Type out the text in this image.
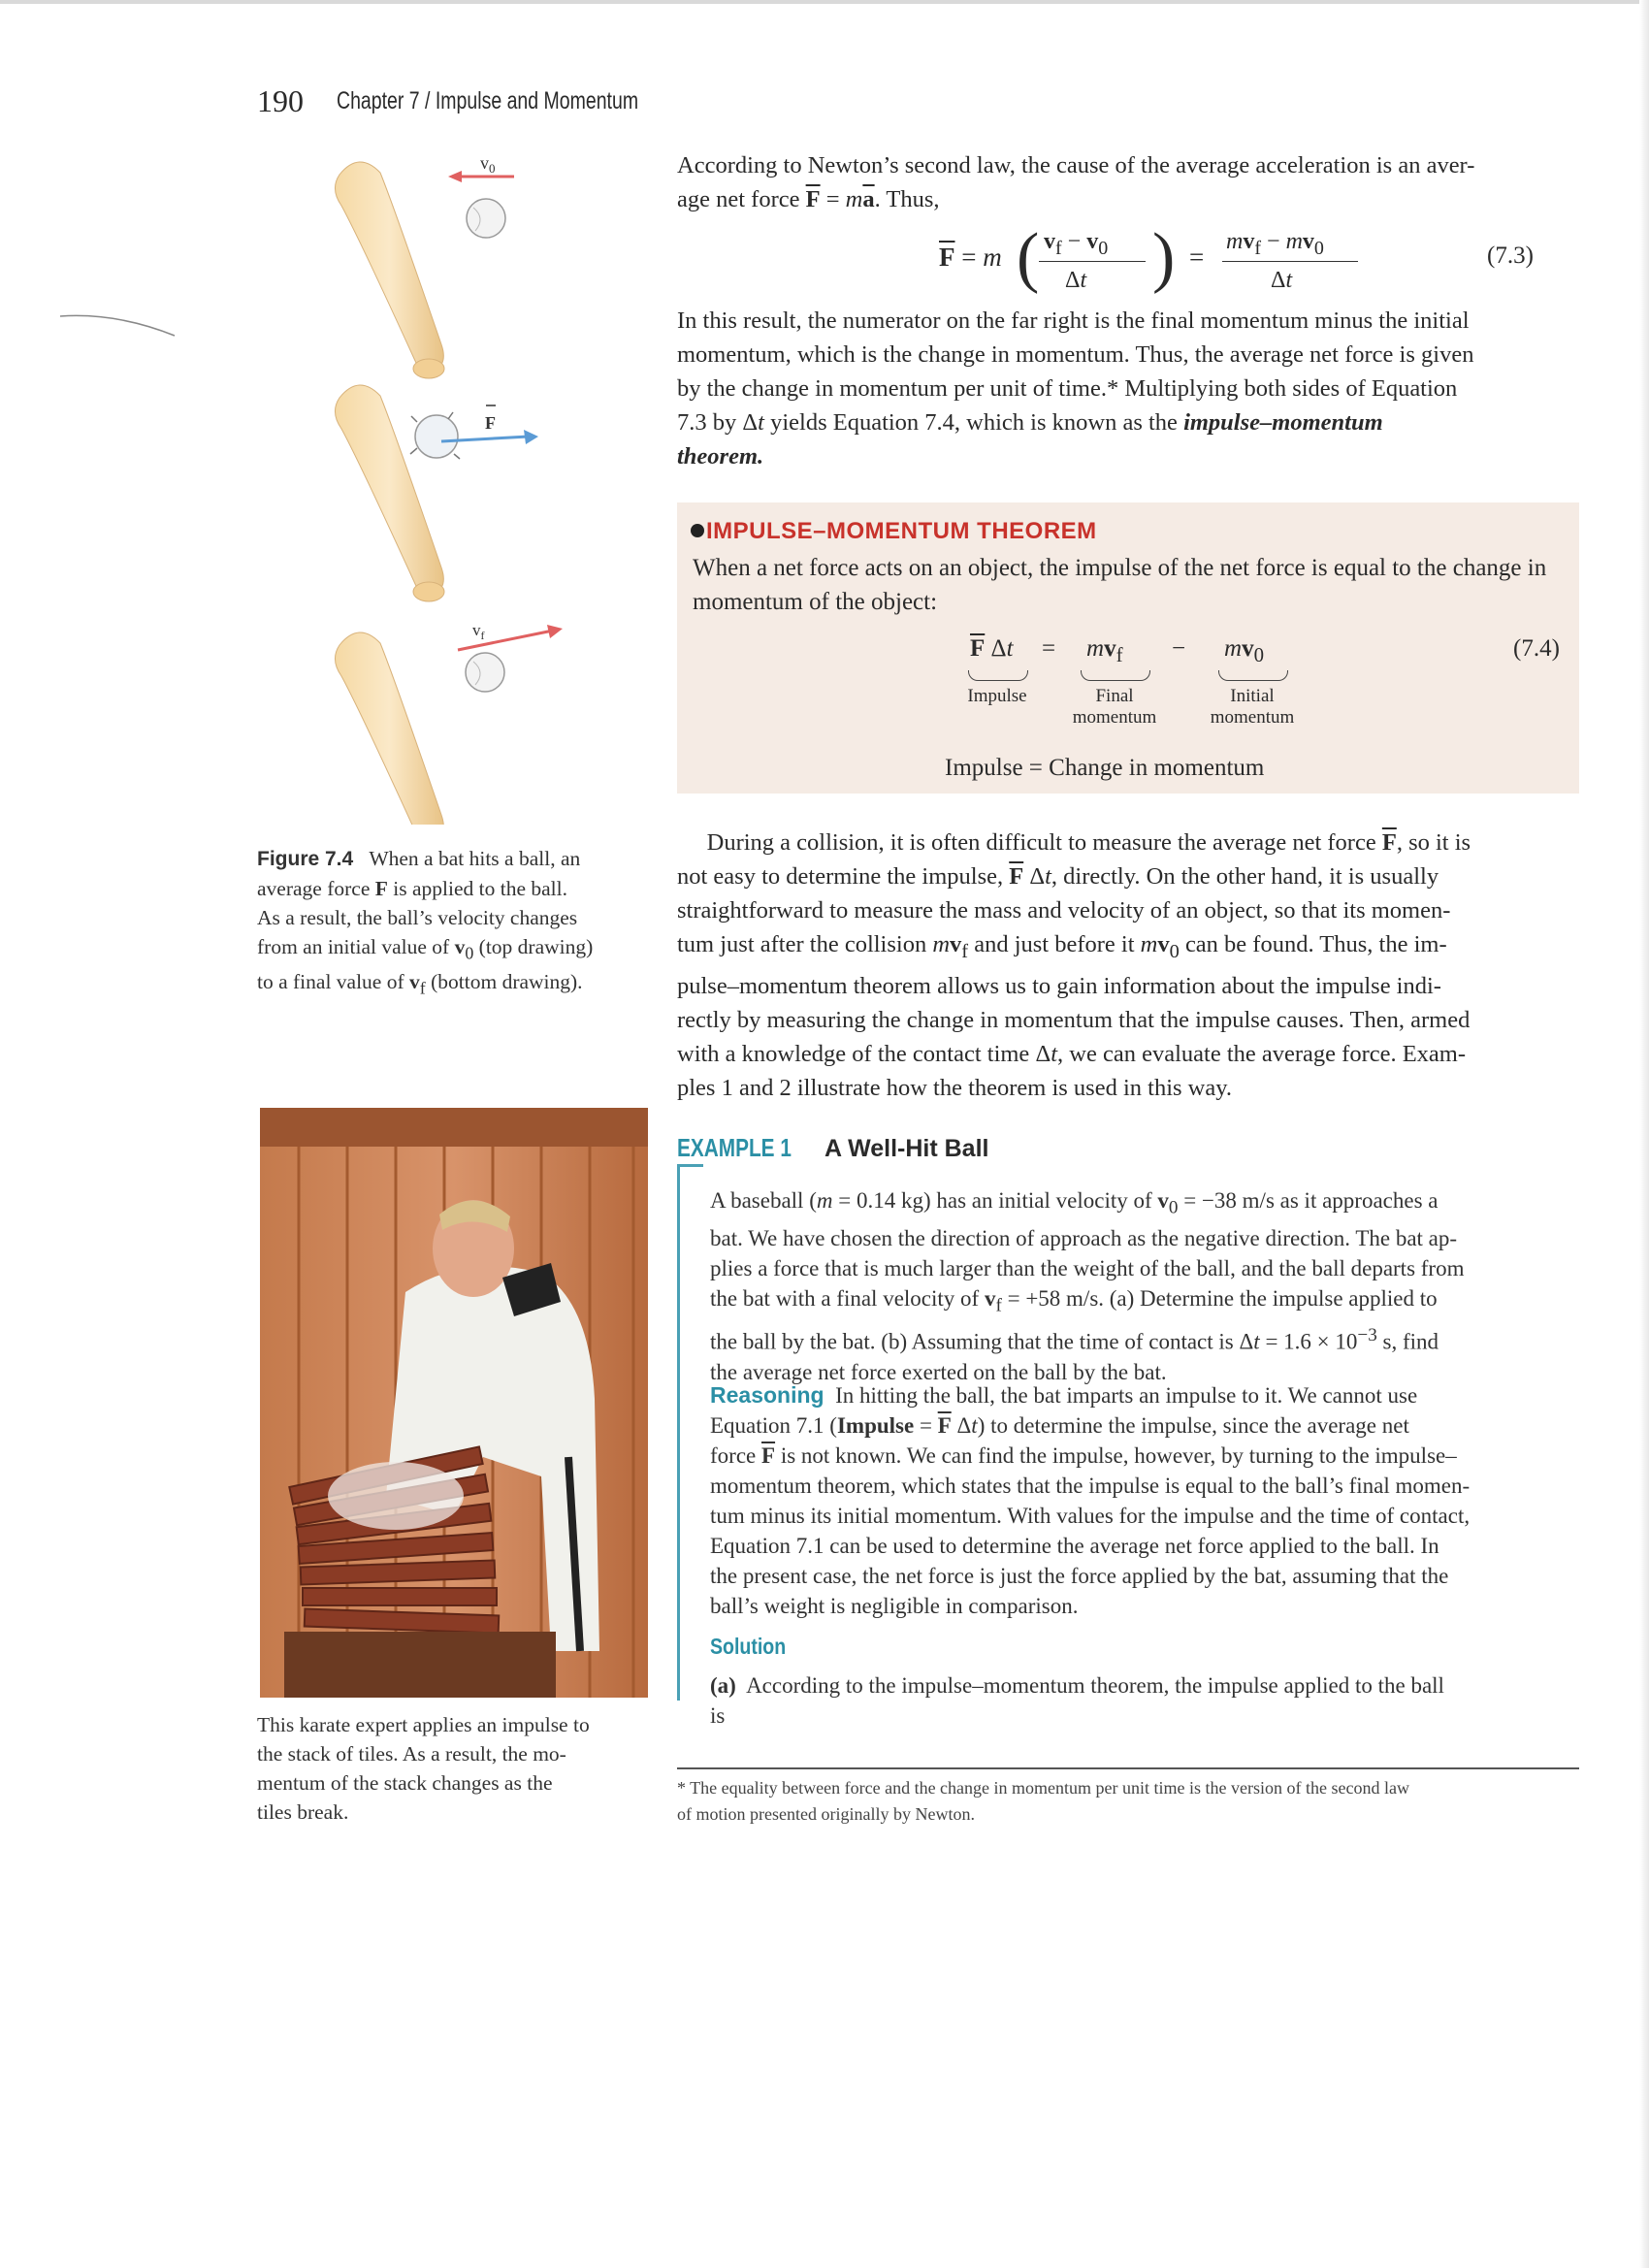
190 Chapter 7 / Impulse and Momentum
$v_0$
F
$v_f$
Figure 7.4 When a bat hits a ball, an
average force F is applied to the ball.
As a result, the ball’s velocity changes
from an initial value of $v_0$ (top drawing)
to a final value of $v_f$ (bottom drawing).
This karate expert applies an impulse to
the stack of tiles. As a result, the mo-
mentum of the stack changes as the
tiles break.
According to Newton’s second law, the cause of the average acceleration is an aver-
age net force $\overline{F} = m\overline{a}$. Thus,
$\overline{F} = m$ ( $v_f - v_0$
Δt ) =
$mv_f - mv_0$
Δt
(7.3)
In this result, the numerator on the far right is the final momentum minus the initial
momentum, which is the change in momentum. Thus, the average net force is given
by the change in momentum per unit of time.* Multiplying both sides of Equation
7.3 by Δt yields Equation 7.4, which is known as the impulse–momentum
theorem.
IMPULSE–MOMENTUM THEOREM
When a net force acts on an object, the impulse of the net force is equal to the change in momentum of the object:
$\overline{F}$ $\Delta t = mv_f - mv_0$
Impulse	Final
momentum
Initial
momentum
(7.4)
Impulse = Change in momentum
During a collision, it is often difficult to measure the average net force $\overline{F}$, so it is
not easy to determine the impulse, $\overline{F}$ Δt, directly. On the other hand, it is usually
straightforward to measure the mass and velocity of an object, so that its momen-
tum just after the collision $mv_f$ and just before it $mv_0$ can be found. Thus, the im-
pulse–momentum theorem allows us to gain information about the impulse indi-
rectly by measuring the change in momentum that the impulse causes. Then, armed
with a knowledge of the contact time Δt, we can evaluate the average force. Exam-
ples 1 and 2 illustrate how the theorem is used in this way.
EXAMPLE 1 A Well-Hit Ball
A baseball (m = 0.14 kg) has an initial velocity of $v_0 = -38$ m/s as it approaches a
bat. We have chosen the direction of approach as the negative direction. The bat ap-
plies a force that is much larger than the weight of the ball, and the ball departs from
the bat with a final velocity of $v_f = +58$ m/s. (a) Determine the impulse applied to
the ball by the bat. (b) Assuming that the time of contact is $\Delta t = 1.6 \times 10^{-3}$ s, find
the average net force exerted on the ball by the bat.
Reasoning In hitting the ball, the bat imparts an impulse to it. We cannot use
Equation 7.1 (Impulse = $\overline{F}$ Δt) to determine the impulse, since the average net
force $\overline{F}$ is not known. We can find the impulse, however, by turning to the impulse–
momentum theorem, which states that the impulse is equal to the ball’s final momen-
tum minus its initial momentum. With values for the impulse and the time of contact,
Equation 7.1 can be used to determine the average net force applied to the ball. In
the present case, the net force is just the force applied by the bat, assuming that the
ball’s weight is negligible in comparison.
Solution
(a) According to the impulse–momentum theorem, the impulse applied to the ball
is
* The equality between force and the change in momentum per unit time is the version of the second law
of motion presented originally by Newton.
